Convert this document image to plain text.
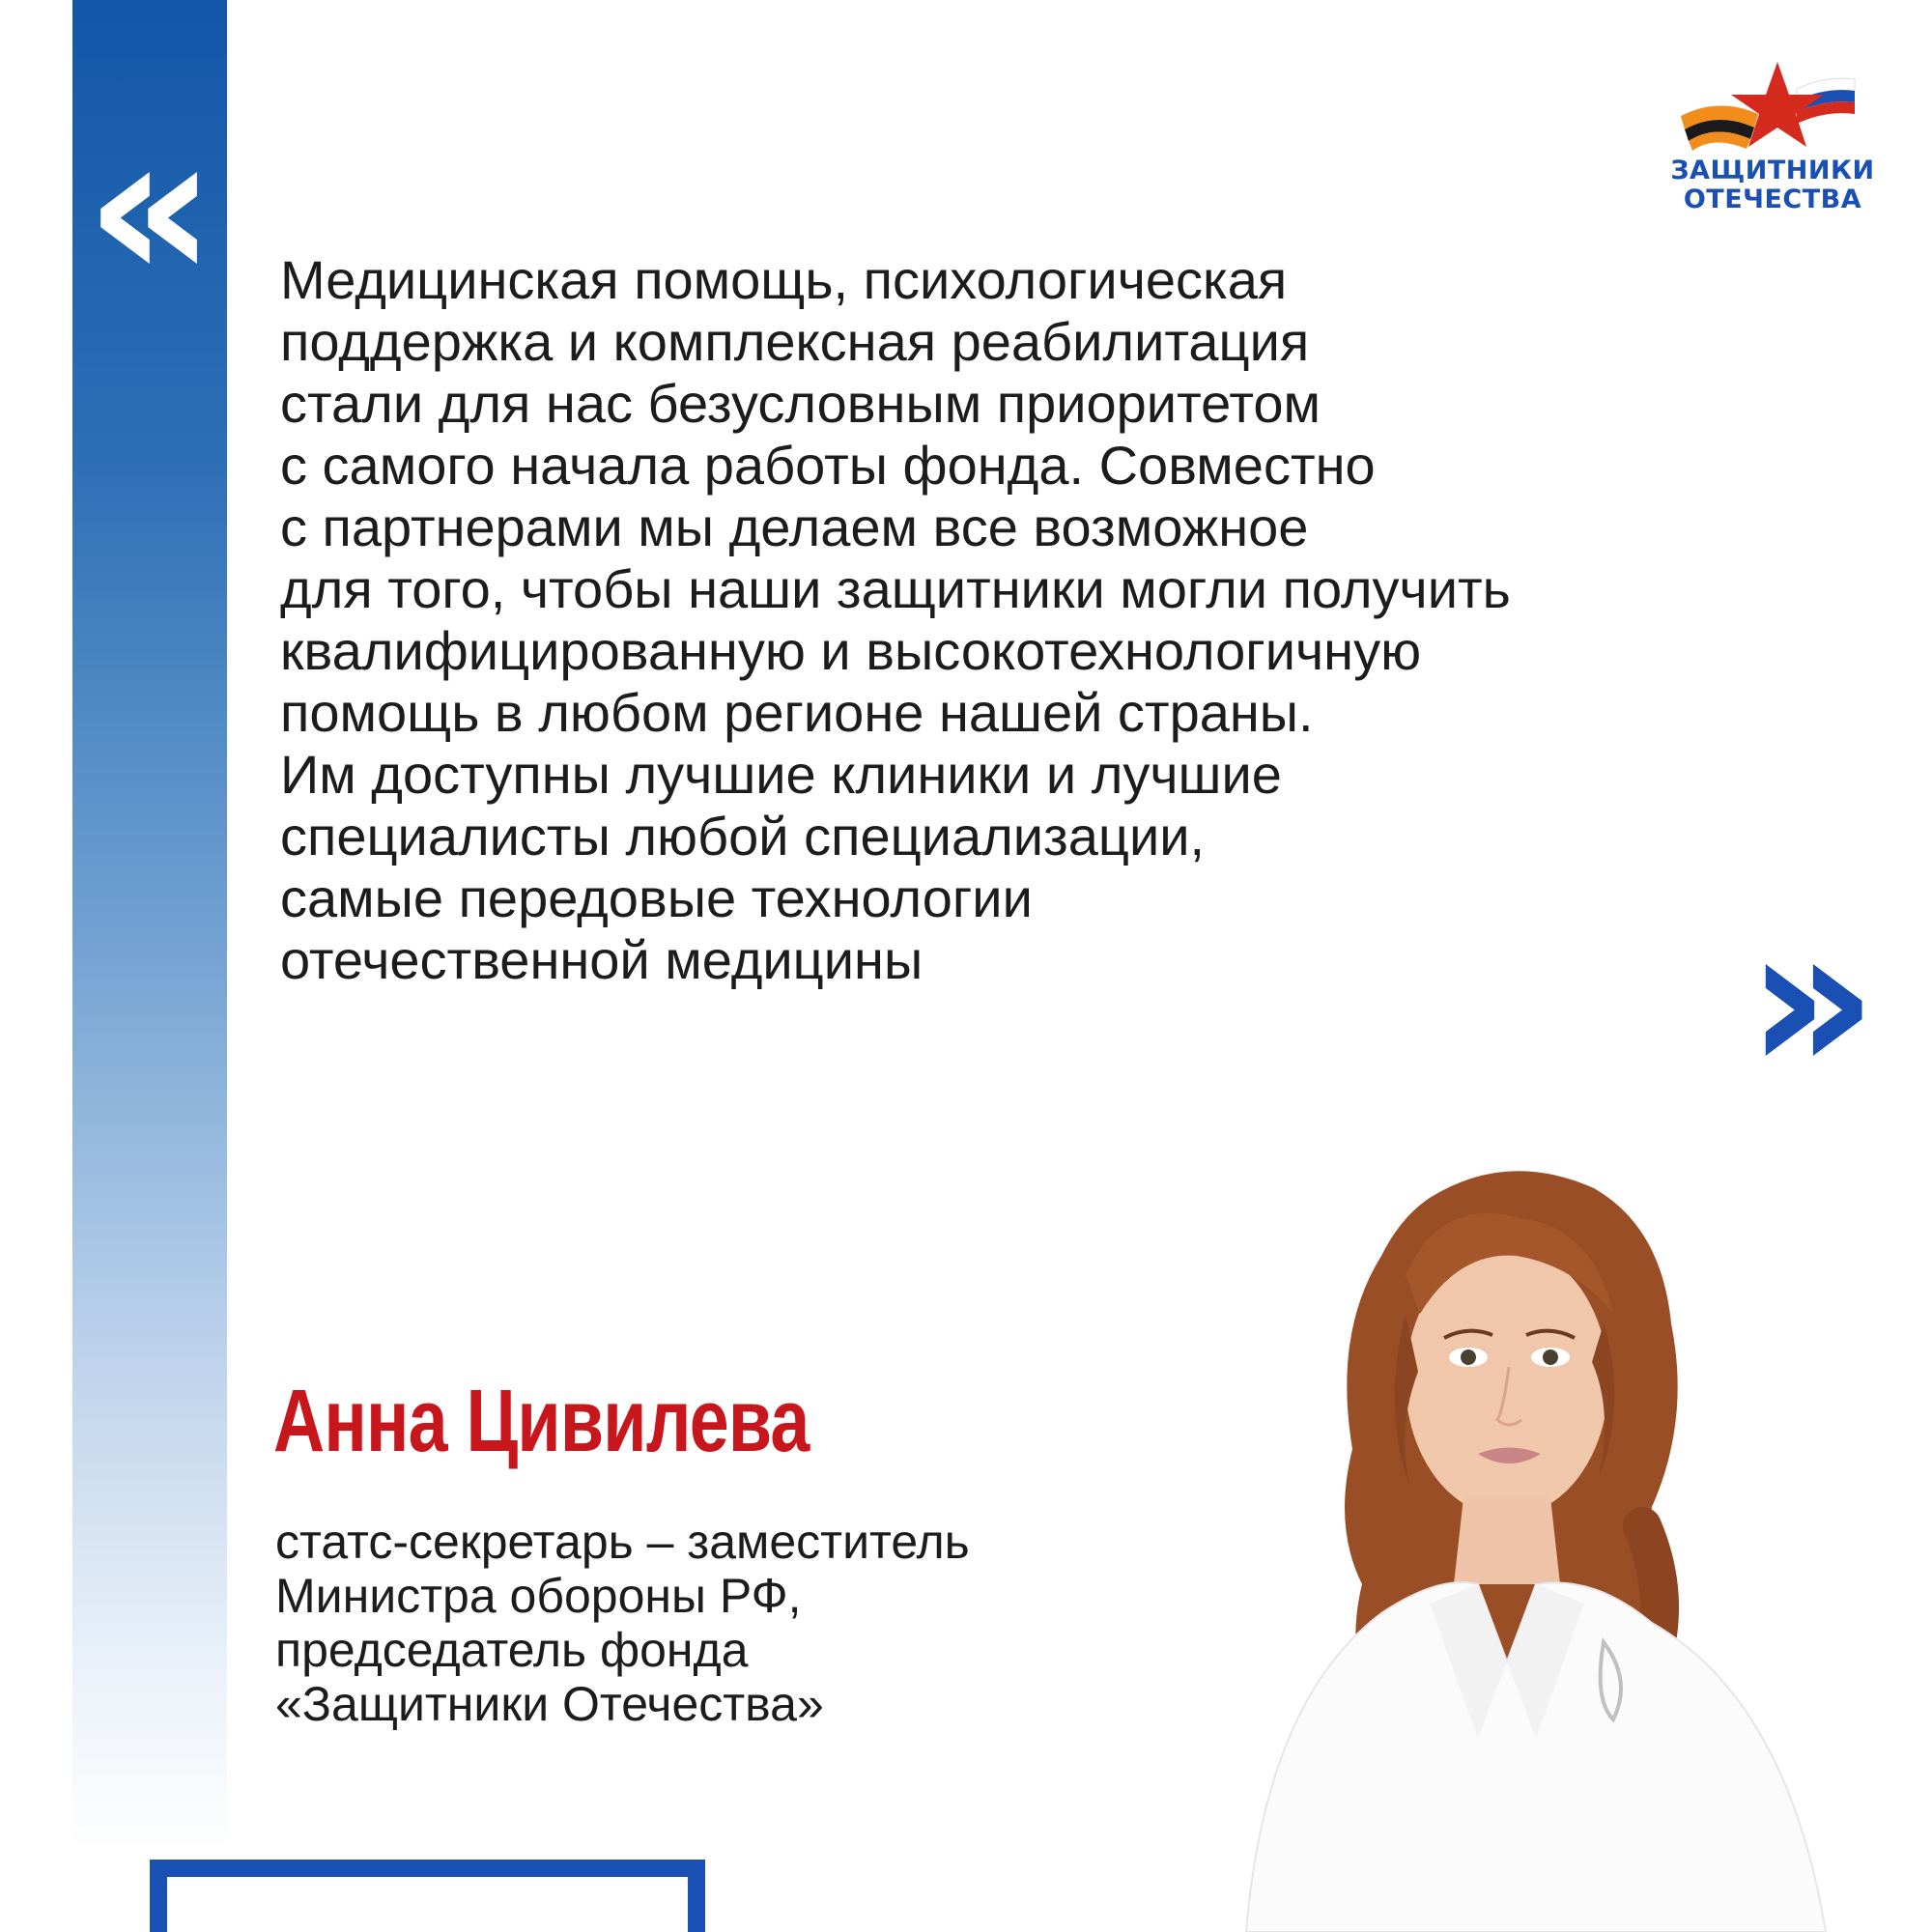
«	ЗАЩИТНИКИ
ОТЕЧЕСТВА
Медицинская помощь, психологическая
поддержка и комплексная реабилитация
стали для нас безусловным приоритетом
с самого начала работы фонда. Совместно
с партнерами мы делаем все возможное
для того, чтобы наши защитники могли получить
квалифицированную и высокотехнологичную
помощь в любом регионе нашей страны.
Им доступны лучшие клиники и лучшие
специалисты любой специализации,
самые передовые технологии
отечественной медицины	»
Анна Цивилева
статс-секретарь – заместитель
Министра обороны РФ,
председатель фонда
«Защитники Отечества»
